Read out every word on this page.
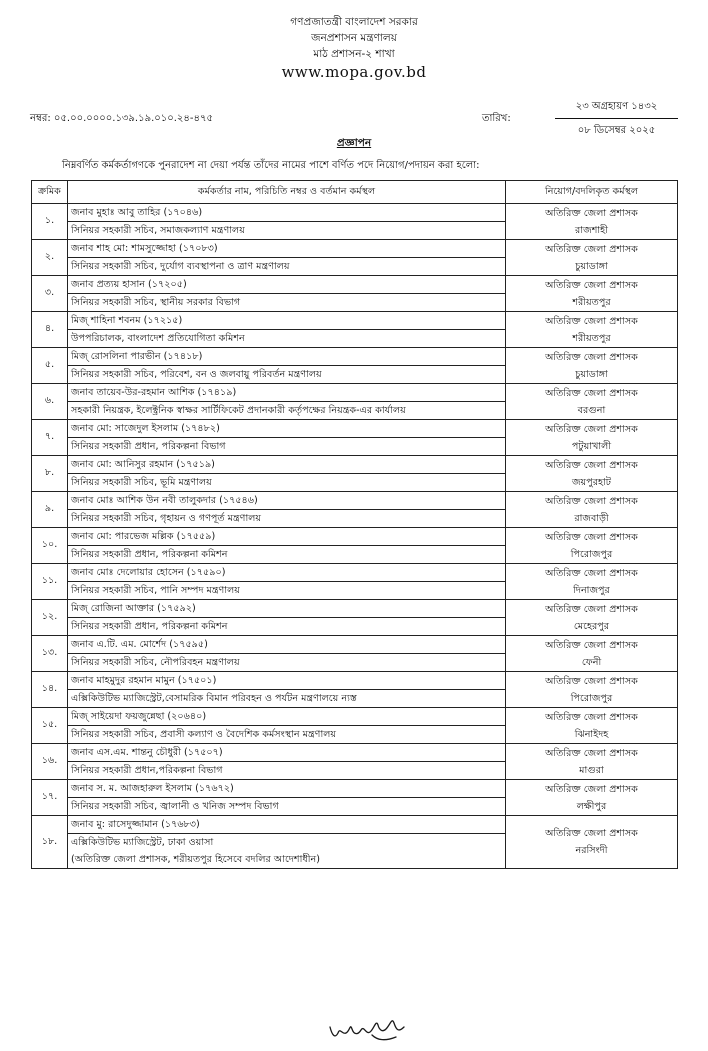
গণপ্রজাতন্ত্রী বাংলাদেশ সরকার
জনপ্রশাসন মন্ত্রণালয়
মাঠ প্রশাসন-২ শাখা
www.mopa.gov.bd
নম্বর: ০৫.০০.০০০০.১৩৯.১৯.০১০.২৪-৪৭৫	তারিখ:
২৩ অগ্রহায়ণ ১৪৩২
০৮ ডিসেম্বর ২০২৫
প্রজ্ঞাপন
নিম্নবর্ণিত কর্মকর্তাগণকে পুনরাদেশ না দেয়া পর্যন্ত তাঁদের নামের পাশে বর্ণিত পদে নিয়োগ/পদায়ন করা হলো:
ক্রমিক	কর্মকর্তার নাম, পরিচিতি নম্বর ও বর্তমান কর্মস্থল	নিয়োগ/বদলিকৃত কর্মস্থল
১.	জনাব মুহাঃ আবু তাহির (১৭০৪৬)
সিনিয়র সহকারী সচিব, সমাজকল্যাণ মন্ত্রণালয়	অতিরিক্ত জেলা প্রশাসক
রাজশাহী
২.	জনাব শাহ মো: শামসুজ্জোহা (১৭০৮৩)
সিনিয়র সহকারী সচিব, দুর্যোগ ব্যবস্থাপনা ও ত্রাণ মন্ত্রণালয়	অতিরিক্ত জেলা প্রশাসক
চুয়াডাঙ্গা
৩.	জনাব প্রত্যয় হাসান (১৭২০৫)
সিনিয়র সহকারী সচিব, স্থানীয় সরকার বিভাগ	অতিরিক্ত জেলা প্রশাসক
শরীয়তপুর
৪.	মিজ্ শাহিনা শবনম (১৭২১৫)
উপপরিচালক, বাংলাদেশ প্রতিযোগিতা কমিশন	অতিরিক্ত জেলা প্রশাসক
শরীয়তপুর
৫.	মিজ্ রোসলিনা পারভীন (১৭৪১৮)
সিনিয়র সহকারী সচিব, পরিবেশ, বন ও জলবায়ু পরিবর্তন মন্ত্রণালয়	অতিরিক্ত জেলা প্রশাসক
চুয়াডাঙ্গা
৬.	জনাব তায়েব-উর-রহমান আশিক (১৭৪১৯)
সহকারী নিয়ন্ত্রক, ইলেক্ট্রনিক স্বাক্ষর সার্টিফিকেট প্রদানকারী কর্তৃপক্ষের নিয়ন্ত্রক-এর কার্যালয়	অতিরিক্ত জেলা প্রশাসক
বরগুনা
৭.	জনাব মো: সাজেদুল ইসলাম (১৭৪৮২)
সিনিয়র সহকারী প্রধান, পরিকল্পনা বিভাগ	অতিরিক্ত জেলা প্রশাসক
পটুয়াখালী
৮.	জনাব মো: আনিসুর রহমান (১৭৫১৯)
সিনিয়র সহকারী সচিব, ভূমি মন্ত্রণালয়	অতিরিক্ত জেলা প্রশাসক
জয়পুরহাট
৯.	জনাব মোঃ আশিক উন নবী তালুকদার (১৭৫৪৬)
সিনিয়র সহকারী সচিব, গৃহায়ন ও গণপূর্ত মন্ত্রণালয়	অতিরিক্ত জেলা প্রশাসক
রাজবাড়ী
১০.	জনাব মো: পারভেজ মল্লিক (১৭৫৫৯)
সিনিয়র সহকারী প্রধান, পরিকল্পনা কমিশন	অতিরিক্ত জেলা প্রশাসক
পিরোজপুর
১১.	জনাব মোঃ দেলোয়ার হোসেন (১৭৫৯০)
সিনিয়র সহকারী সচিব, পানি সম্পদ মন্ত্রণালয়	অতিরিক্ত জেলা প্রশাসক
দিনাজপুর
১২.	মিজ্ রোজিনা আক্তার (১৭৫৯২)
সিনিয়র সহকারী প্রধান, পরিকল্পনা কমিশন	অতিরিক্ত জেলা প্রশাসক
মেহেরপুর
১৩.	জনাব এ.টি. এম. মোর্শেদ (১৭৫৯৫)
সিনিয়র সহকারী সচিব, নৌপরিবহন মন্ত্রণালয়	অতিরিক্ত জেলা প্রশাসক
ফেনী
১৪.	জনাব মাহমুদুর রহমান মামুন (১৭৫০১)
এক্সিকিউটিভ ম্যাজিস্ট্রেট,বেসামরিক বিমান পরিবহন ও পর্যটন মন্ত্রণালয়ে ন্যস্ত	অতিরিক্ত জেলা প্রশাসক
পিরোজপুর
১৫.	মিজ্ সাইয়েদা ফয়জুন্নেছা (২০৬৪০)
সিনিয়র সহকারী সচিব, প্রবাসী কল্যাণ ও বৈদেশিক কর্মসংস্থান মন্ত্রণালয়	অতিরিক্ত জেলা প্রশাসক
ঝিনাইদহ
১৬.	জনাব এস.এম. শান্তনু চৌধুরী (১৭৫০৭)
সিনিয়র সহকারী প্রধান,পরিকল্পনা বিভাগ	অতিরিক্ত জেলা প্রশাসক
মাগুরা
১৭.	জনাব স. ম. আজহারুল ইসলাম (১৭৬৭২)
সিনিয়র সহকারী সচিব, জ্বালানী ও খনিজ সম্পদ বিভাগ	অতিরিক্ত জেলা প্রশাসক
লক্ষীপুর
১৮.	জনাব মু: রাসেদুজ্জামান (১৭৬৮৩)
এক্সিকিউটিভ ম্যাজিস্ট্রেট, ঢাকা ওয়াসা
(অতিরিক্ত জেলা প্রশাসক, শরীয়তপুর হিসেবে বদলির আদেশাধীন)	অতিরিক্ত জেলা প্রশাসক
নরসিংদী
